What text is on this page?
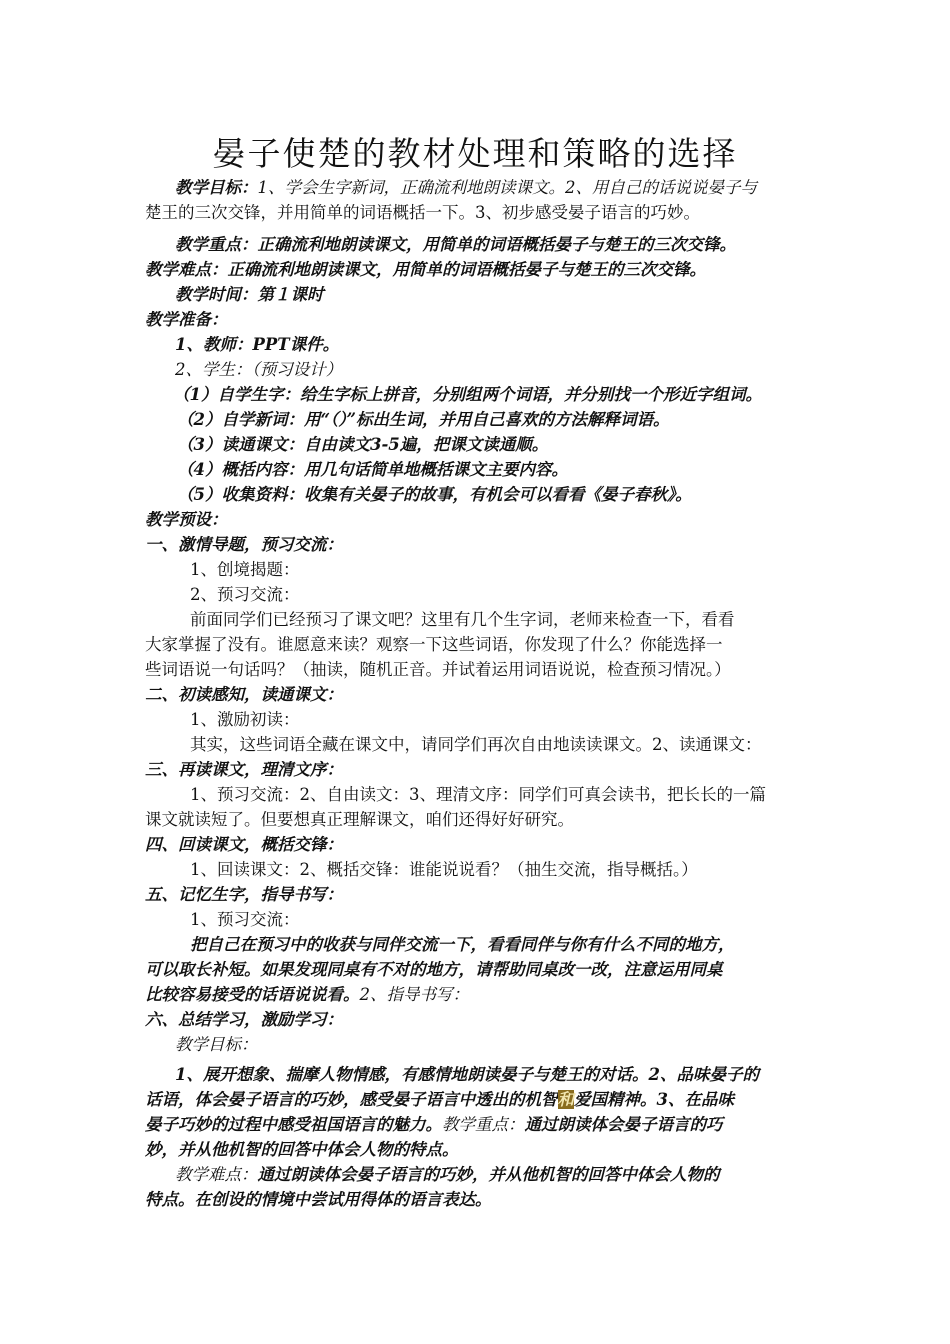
晏子使楚的教材处理和策略的选择
教学目标：1、学会生字新词，正确流利地朗读课文。2、用自己的话说说晏子与
楚王的三次交锋，并用简单的词语概括一下。3、初步感受晏子语言的巧妙。
教学重点：正确流利地朗读课文，用简单的词语概括晏子与楚王的三次交锋。
教学难点：正确流利地朗读课文，用简单的词语概括晏子与楚王的三次交锋。
教学时间：第１课时
教学准备：
1、教师：PPT课件。
2、学生：（预习设计）
（1）自学生字：给生字标上拼音，分别组两个词语，并分别找一个形近字组词。
（2）自学新词：用“（）”标出生词，并用自己喜欢的方法解释词语。
（3）读通课文：自由读文3-5遍，把课文读通顺。
（4）概括内容：用几句话简单地概括课文主要内容。
（5）收集资料：收集有关晏子的故事，有机会可以看看《晏子春秋》。
教学预设：
一、激情导题，预习交流：
1、创境揭题：
2、预习交流：
前面同学们已经预习了课文吧？这里有几个生字词，老师来检查一下，看看
大家掌握了没有。谁愿意来读？观察一下这些词语，你发现了什么？你能选择一
些词语说一句话吗？（抽读，随机正音。并试着运用词语说说，检查预习情况。）
二、初读感知，读通课文：
1、激励初读：
其实，这些词语全藏在课文中，请同学们再次自由地读读课文。2、读通课文：
三、再读课文，理清文序：
1、预习交流：2、自由读文：3、理清文序：同学们可真会读书，把长长的一篇
课文就读短了。但要想真正理解课文，咱们还得好好研究。
四、回读课文，概括交锋：
1、回读课文：2、概括交锋：谁能说说看？（抽生交流，指导概括。）
五、记忆生字，指导书写：
1、预习交流：
把自己在预习中的收获与同伴交流一下，看看同伴与你有什么不同的地方，
可以取长补短。如果发现同桌有不对的地方，请帮助同桌改一改，注意运用同桌
比较容易接受的话语说说看。2、指导书写：
六、总结学习，激励学习：
教学目标：
1、展开想象、揣摩人物情感，有感情地朗读晏子与楚王的对话。2、品味晏子的
话语，体会晏子语言的巧妙，感受晏子语言中透出的机智和爱国精神。3、在品味
晏子巧妙的过程中感受祖国语言的魅力。教学重点：通过朗读体会晏子语言的巧
妙，并从他机智的回答中体会人物的特点。
教学难点：通过朗读体会晏子语言的巧妙，并从他机智的回答中体会人物的
特点。在创设的情境中尝试用得体的语言表达。
